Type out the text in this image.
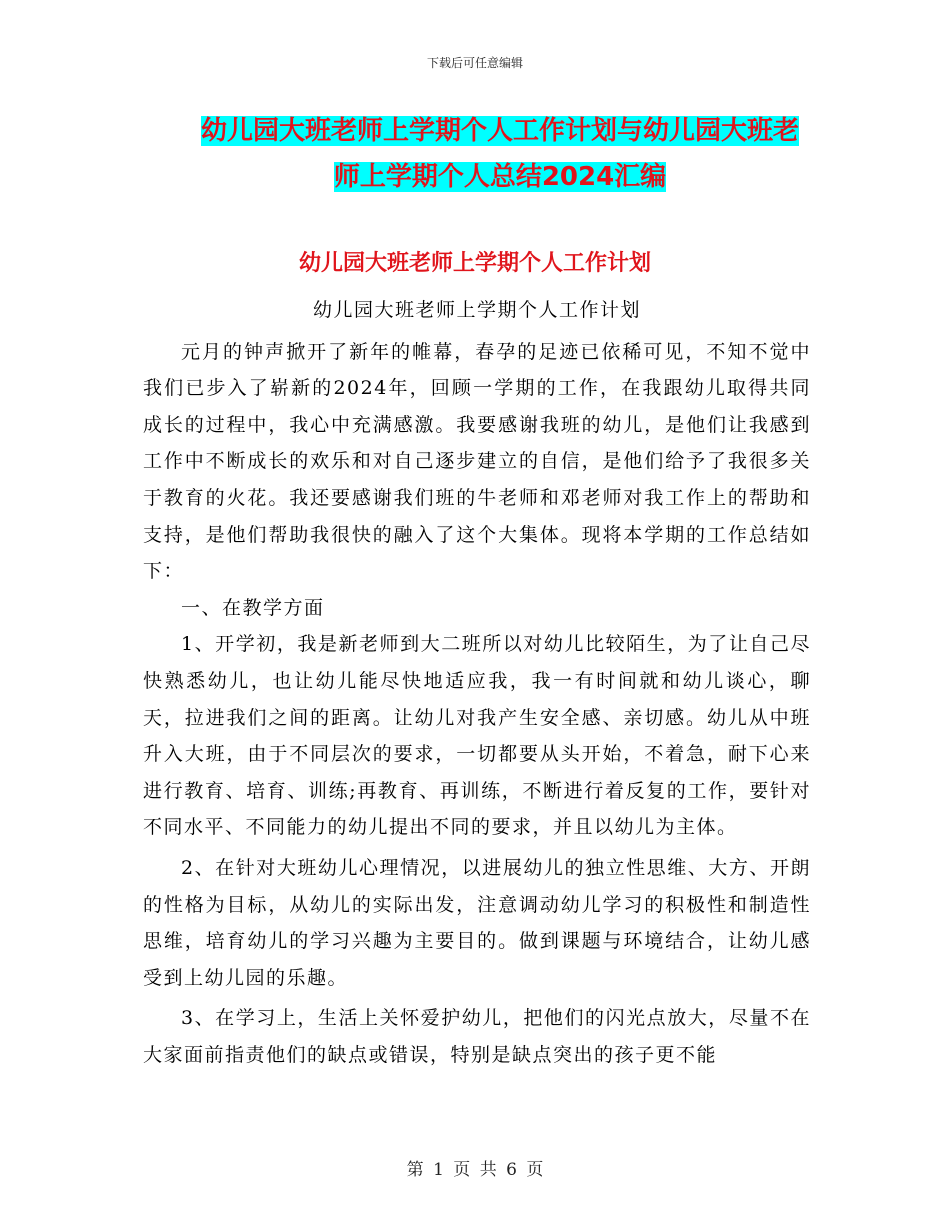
下载后可任意编辑
幼儿园大班老师上学期个人工作计划与幼儿园大班老
师上学期个人总结2024汇编
幼儿园大班老师上学期个人工作计划

幼儿园大班老师上学期个人工作计划

元月的钟声掀开了新年的帷幕，春孕的足迹已依稀可见，不知不觉中我们已步入了崭新的2024年，回顾一学期的工作，在我跟幼儿取得共同成长的过程中，我心中充满感激。我要感谢我班的幼儿，是他们让我感到工作中不断成长的欢乐和对自己逐步建立的自信，是他们给予了我很多关于教育的火花。我还要感谢我们班的牛老师和邓老师对我工作上的帮助和支持，是他们帮助我很快的融入了这个大集体。现将本学期的工作总结如下：

一、在教学方面

1、开学初，我是新老师到大二班所以对幼儿比较陌生，为了让自己尽快熟悉幼儿，也让幼儿能尽快地适应我，我一有时间就和幼儿谈心，聊天，拉进我们之间的距离。让幼儿对我产生安全感、亲切感。幼儿从中班升入大班，由于不同层次的要求，一切都要从头开始，不着急，耐下心来进行教育、培育、训练;再教育、再训练，不断进行着反复的工作，要针对不同水平、不同能力的幼儿提出不同的要求，并且以幼儿为主体。

2、在针对大班幼儿心理情况，以进展幼儿的独立性思维、大方、开朗的性格为目标，从幼儿的实际出发，注意调动幼儿学习的积极性和制造性思维，培育幼儿的学习兴趣为主要目的。做到课题与环境结合，让幼儿感受到上幼儿园的乐趣。

3、在学习上，生活上关怀爱护幼儿，把他们的闪光点放大，尽量不在大家面前指责他们的缺点或错误，特别是缺点突出的孩子更不能

第 1 页 共 6 页
